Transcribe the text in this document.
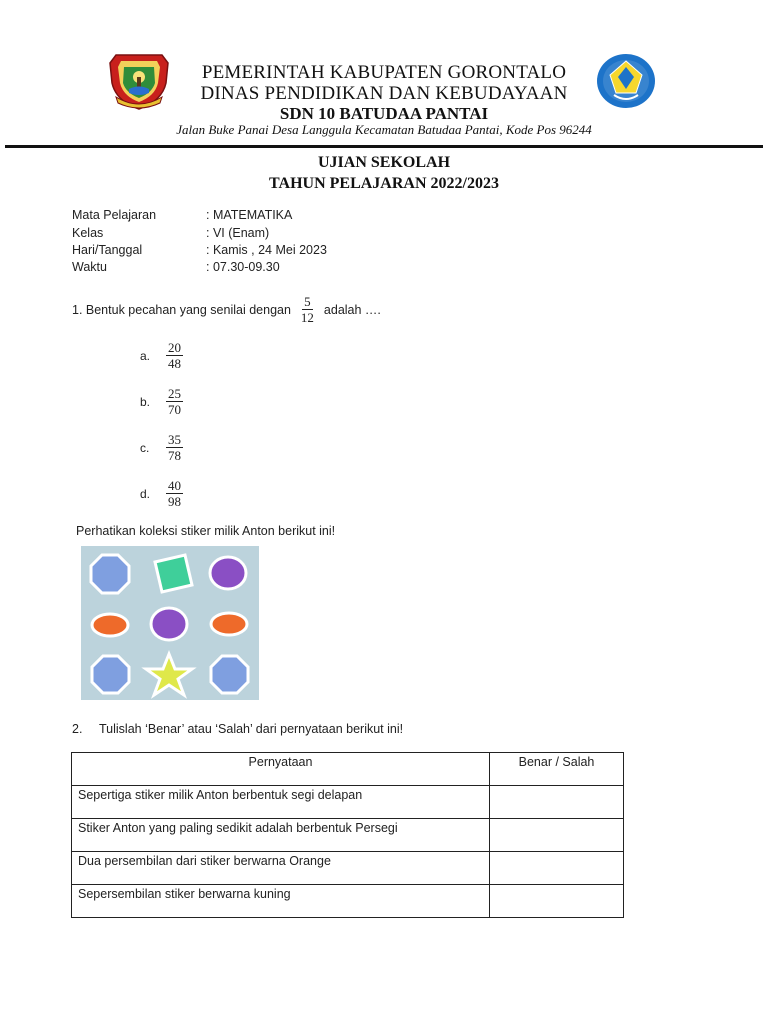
PEMERINTAH KABUPATEN GORONTALO
DINAS PENDIDIKAN DAN KEBUDAYAAN
SDN 10 BATUDAA PANTAI
Jalan Buke Panai Desa Langgula Kecamatan Batudaa Pantai, Kode Pos 96244
UJIAN SEKOLAH
TAHUN PELAJARAN 2022/2023
Mata Pelajaran	: MATEMATIKA
Kelas	: VI (Enam)
Hari/Tanggal	: Kamis , 24 Mei 2023
Waktu	: 07.30-09.30
1. Bentuk pecahan yang senilai dengan $\frac{5}{12}$ adalah ….
a.	$\frac{20}{48}$
b.	$\frac{25}{70}$
c.	$\frac{35}{78}$
d.	$\frac{40}{98}$
Perhatikan koleksi stiker milik Anton berikut ini!
2. Tulislah ‘Benar’ atau ‘Salah’ dari pernyataan berikut ini!
Pernyataan	Benar / Salah
Sepertiga stiker milik Anton berbentuk segi delapan	
Stiker Anton yang paling sedikit adalah berbentuk Persegi	
Dua persembilan dari stiker berwarna Orange	
Sepersembilan stiker berwarna kuning	
